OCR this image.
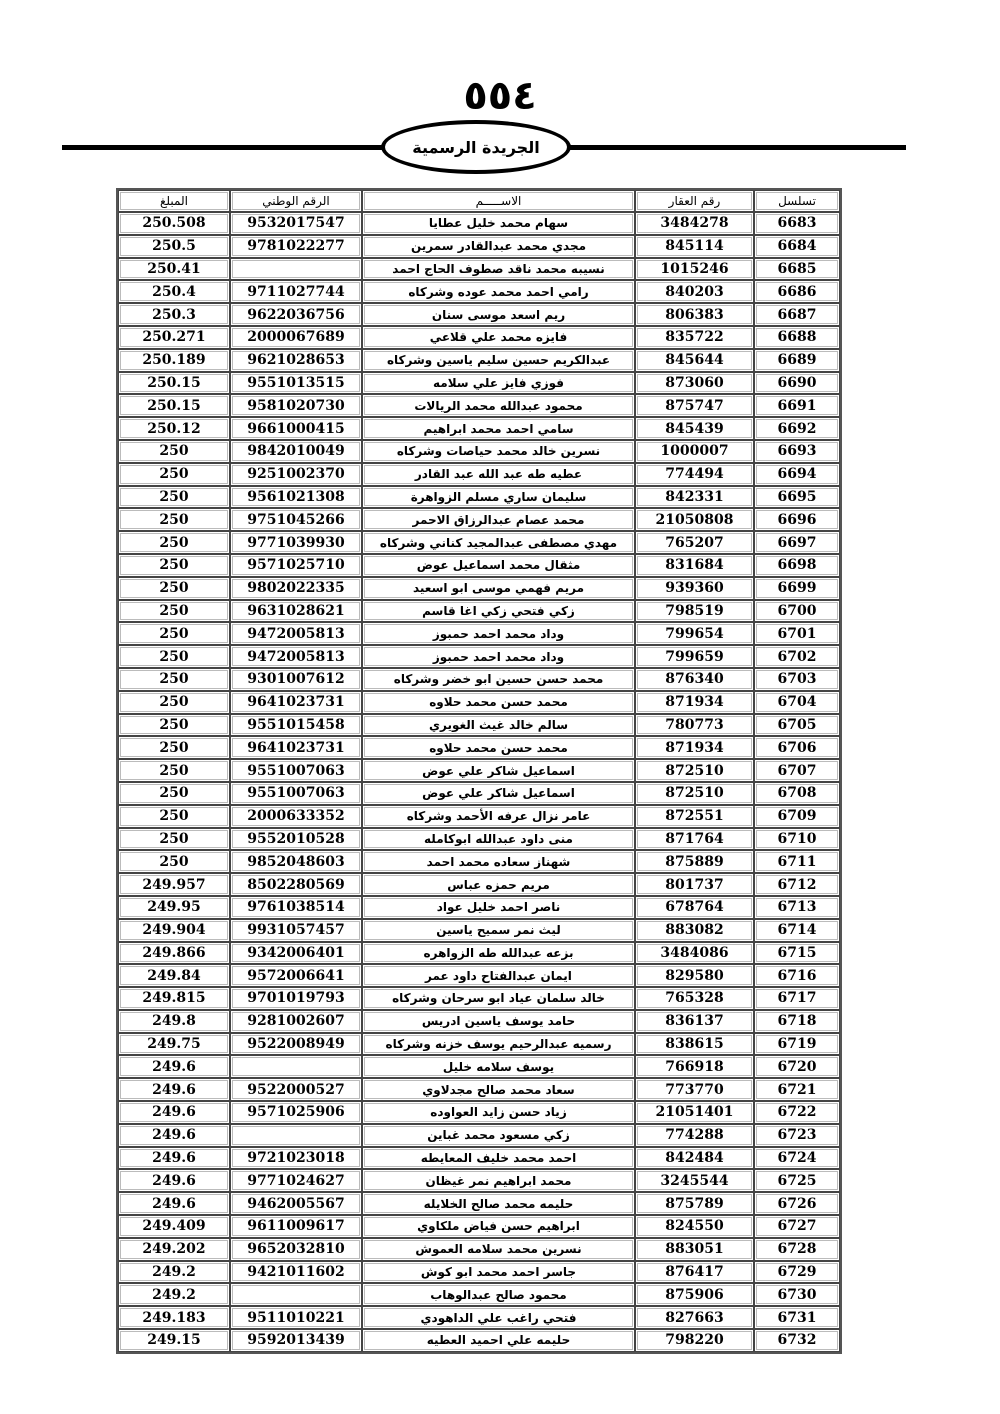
٥٥٤
الجريدة الرسمية
المبلغ	الرقم الوطني	الاســـــم	رقم العقار	تسلسل
250.508	9532017547	سهام محمد خليل عطايا	3484278	6683
250.5	9781022277	مجدي محمد عبدالقادر سمرين	845114	6684
250.41		نسيبه محمد ناقد صطوف الحاج احمد	1015246	6685
250.4	9711027744	رامي احمد محمد عوده وشركاه	840203	6686
250.3	9622036756	ريم اسعد موسى سنان	806383	6687
250.271	2000067689	فايزه محمد علي قلاعي	835722	6688
250.189	9621028653	عبدالكريم حسين سليم ياسين وشركاه	845644	6689
250.15	9551013515	فوزي فايز علي سلامه	873060	6690
250.15	9581020730	محمود عبدالله محمد الريالات	875747	6691
250.12	9661000415	سامي احمد محمد ابراهيم	845439	6692
250	9842010049	نسرين خالد محمد حياصات وشركاه	1000007	6693
250	9251002370	عطيه طه عبد الله عبد القادر	774494	6694
250	9561021308	سليمان ساري مسلم الزواهرة	842331	6695
250	9751045266	محمد عصام عبدالرزاق الاحمر	21050808	6696
250	9771039930	مهدي مصطفى عبدالمجيد كناني وشركاه	765207	6697
250	9571025710	مثقال محمد اسماعيل عوض	831684	6698
250	9802022335	مريم فهمي موسى ابو اسعيد	939360	6699
250	9631028621	زكي فتحي زكي اغا قاسم	798519	6700
250	9472005813	وداد محمد احمد حمبوز	799654	6701
250	9472005813	وداد محمد احمد حمبوز	799659	6702
250	9301007612	محمد حسن حسين ابو خضر وشركاه	876340	6703
250	9641023731	محمد حسن محمد حلاوه	871934	6704
250	9551015458	سالم خالد غيث الغويري	780773	6705
250	9641023731	محمد حسن محمد حلاوه	871934	6706
250	9551007063	اسماعيل شاكر علي عوض	872510	6707
250	9551007063	اسماعيل شاكر علي عوض	872510	6708
250	2000633352	عامر نزال عرفه الأحمد وشركاه	872551	6709
250	9552010528	منى داود عبدالله ابوكامله	871764	6710
250	9852048603	شهناز سعاده محمد احمد	875889	6711
249.957	8502280569	مريم حمزه عباس	801737	6712
249.95	9761038514	ناصر احمد خليل عواد	678764	6713
249.904	9931057457	ليث نمر سميح ياسين	883082	6714
249.866	9342006401	بزعه عبدالله طه الزواهره	3484086	6715
249.84	9572006641	ايمان عبدالفتاح داود عمر	829580	6716
249.815	9701019793	خالد سلمان عياد ابو سرحان وشركاه	765328	6717
249.8	9281002607	حامد يوسف ياسين ادريس	836137	6718
249.75	9522008949	رسميه عبدالرحيم يوسف خزنه وشركاه	838615	6719
249.6		يوسف سلامه خليل	766918	6720
249.6	9522000527	سعاد محمد صالح مجدلاوي	773770	6721
249.6	9571025906	زياد حسن زايد العواوده	21051401	6722
249.6		زكي مسعود محمد غباين	774288	6723
249.6	9721023018	احمد محمد خليف المعايطه	842484	6724
249.6	9771024627	محمد ابراهيم نمر غيظان	3245544	6725
249.6	9462005567	حليمه محمد صالح الخلايله	875789	6726
249.409	9611009617	ابراهيم حسن فياض ملكاوي	824550	6727
249.202	9652032810	نسرين محمد سلامه العموش	883051	6728
249.2	9421011602	جاسر احمد محمد ابو كوش	876417	6729
249.2		محمود صالح عبدالوهاب	875906	6730
249.183	9511010221	فتحي راغب علي الداهودي	827663	6731
249.15	9592013439	حليمه علي احميد العطيه	798220	6732
